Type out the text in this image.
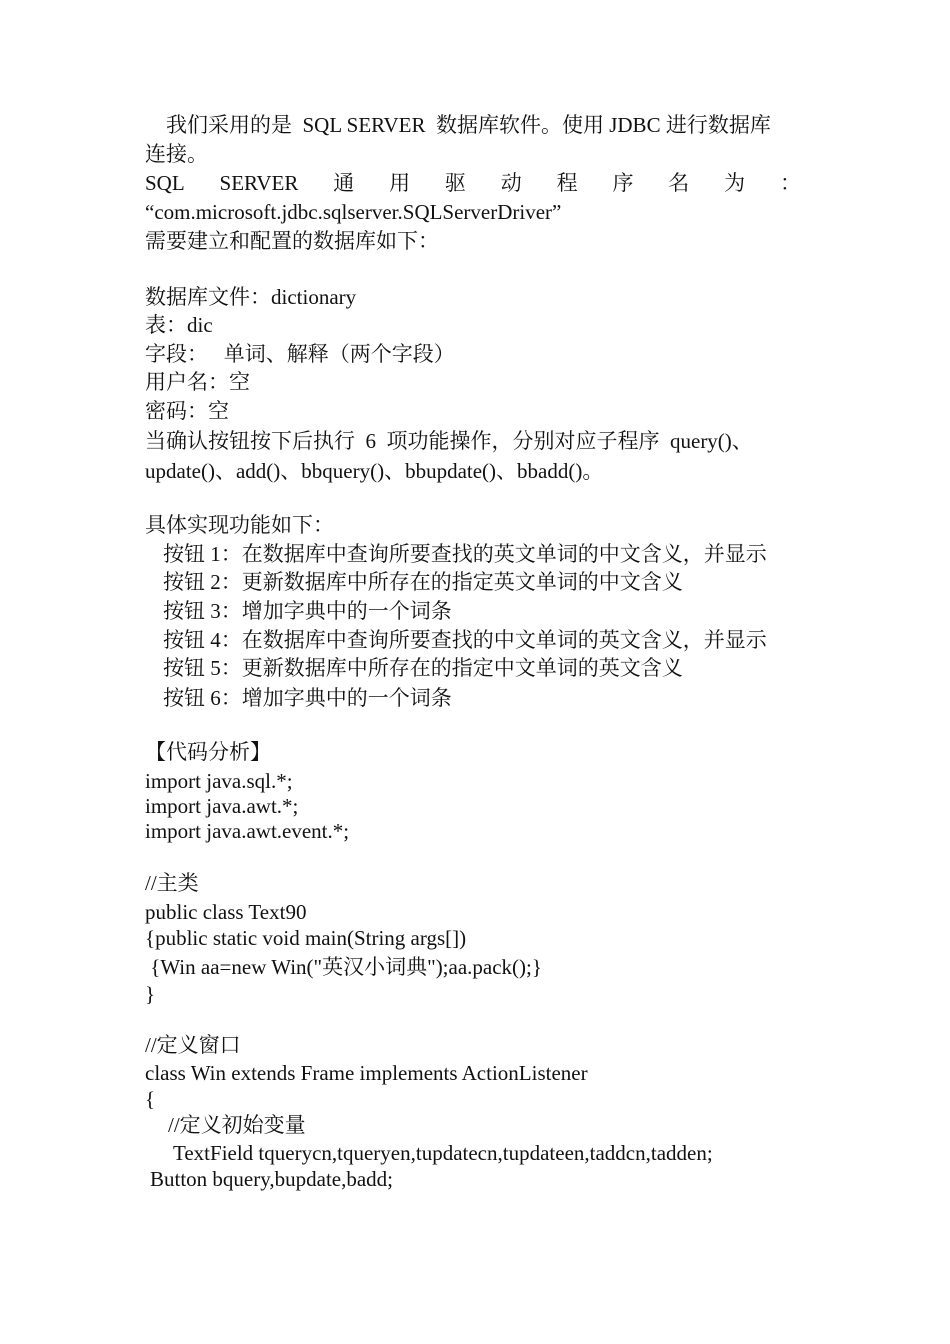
我们采用的是  SQL SERVER  数据库软件。使用 JDBC 进行数据库

连接。

SQL SERVER 通 用 驱 动 程 序 名 为 ：

“com.microsoft.jdbc.sqlserver.SQLServerDriver”

需要建立和配置的数据库如下：

数据库文件：dictionary

表：dic

字段：   单词、解释（两个字段）

用户名：空

密码：空

当确认按钮按下后执行  6  项功能操作，分别对应子程序  query()、

update()、add()、bbquery()、bbupdate()、bbadd()。

具体实现功能如下：

按钮 1：在数据库中查询所要查找的英文单词的中文含义，并显示

按钮 2：更新数据库中所存在的指定英文单词的中文含义

按钮 3：增加字典中的一个词条

按钮 4：在数据库中查询所要查找的中文单词的英文含义，并显示

按钮 5：更新数据库中所存在的指定中文单词的英文含义

按钮 6：增加字典中的一个词条

【代码分析】

import java.sql.*;

import java.awt.*;

import java.awt.event.*;

//主类

public class Text90

{public static void main(String args[])

{Win aa=new Win("英汉小词典");aa.pack();}

}

//定义窗口

class Win extends Frame implements ActionListener

{

//定义初始变量

TextField tquerycn,tqueryen,tupdatecn,tupdateen,taddcn,tadden;

Button bquery,bupdate,badd;
